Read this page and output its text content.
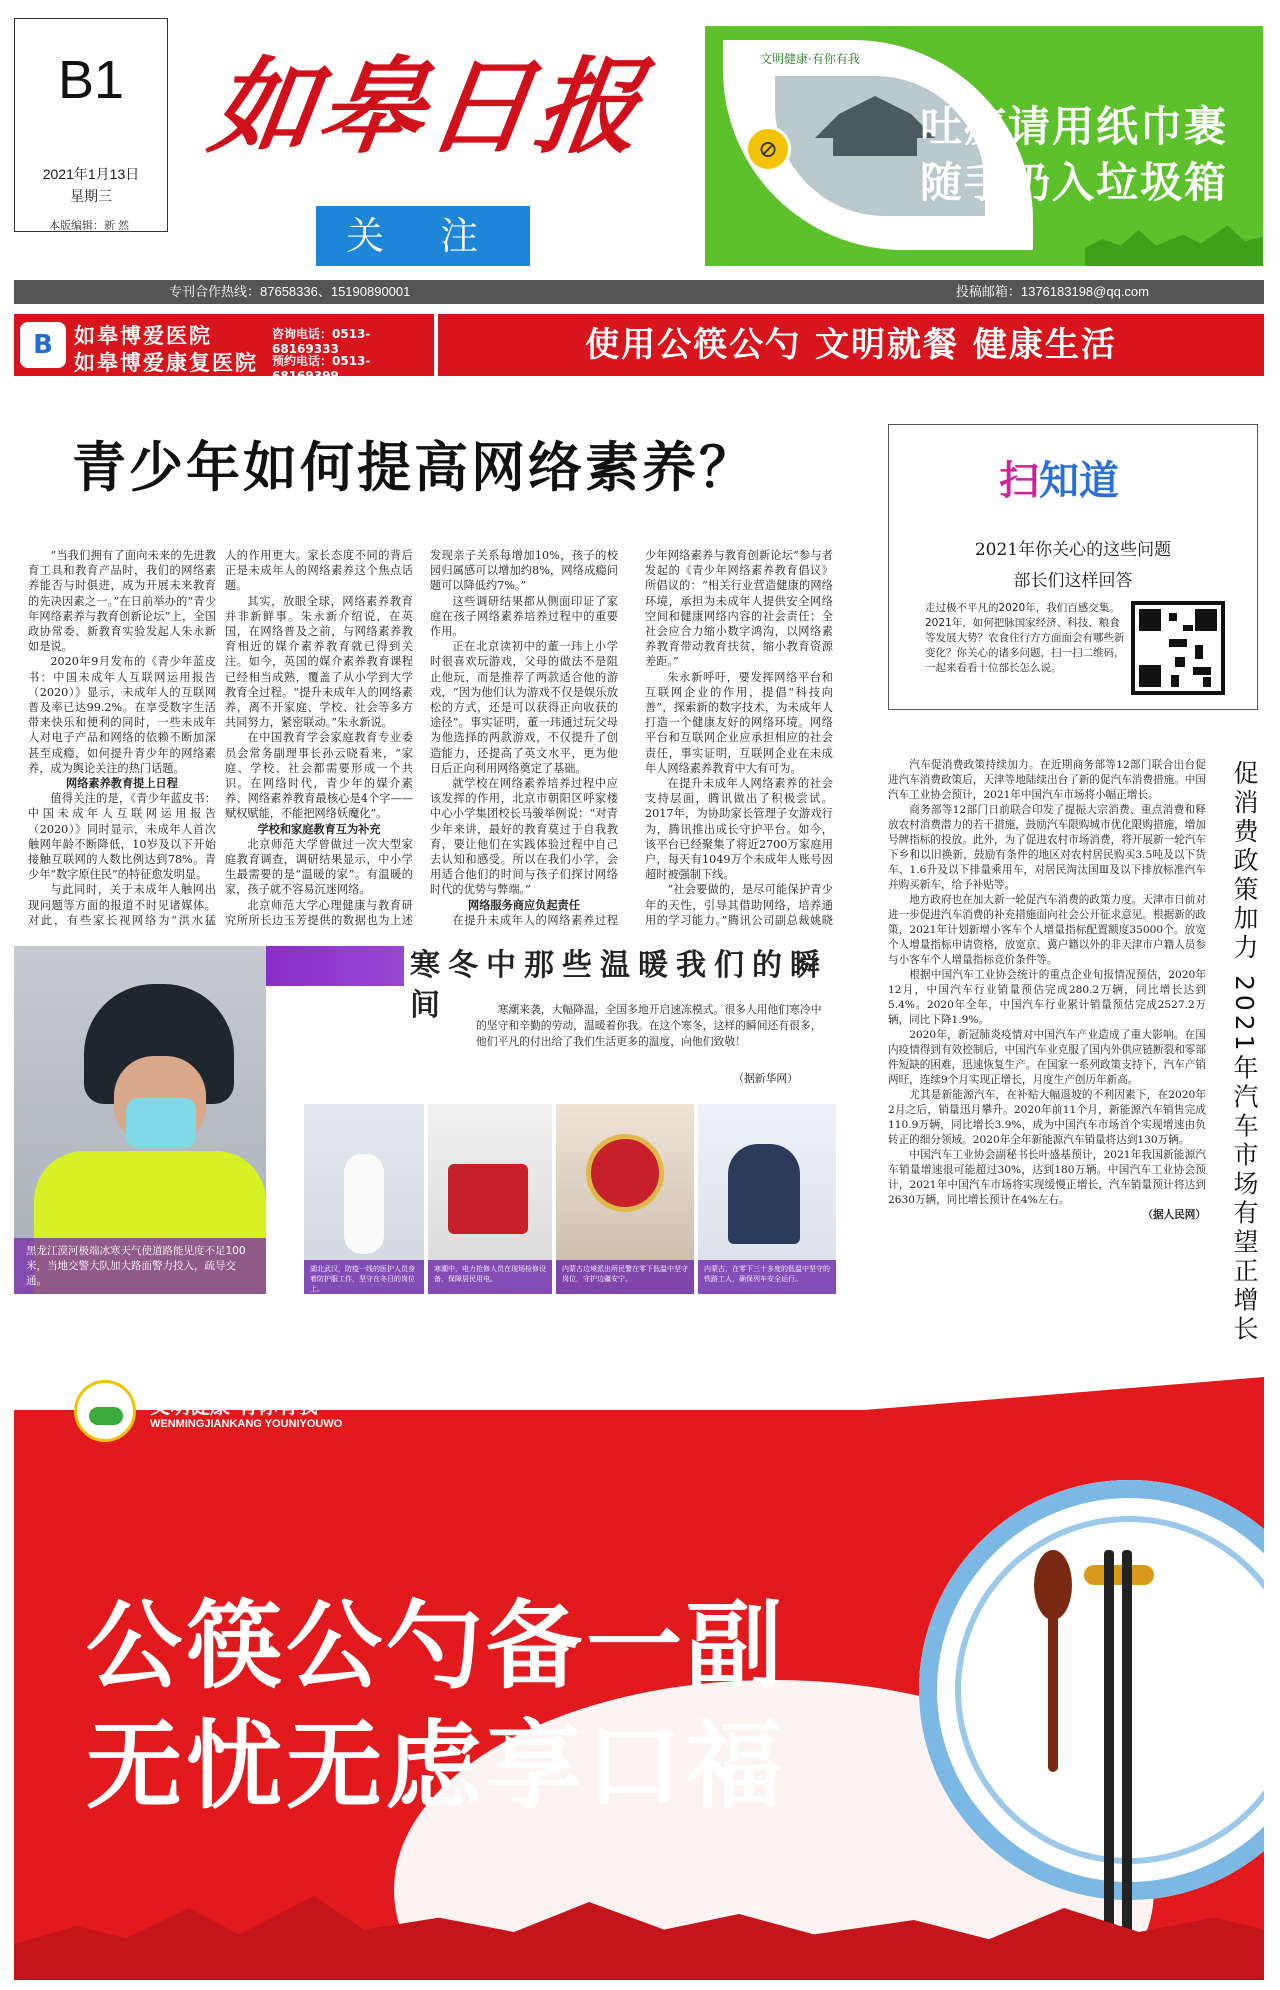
B1
2021年1月13日
星期三
本版编辑：新 然
如皋日报
关 注
文明健康·有你有我
⊘	吐痰请用纸巾裹
随手扔入垃圾箱
专刊合作热线：87658336、15190890001	投稿邮箱：1376183198@qq.com
B	如皋博爱医院	咨询电话：0513-68169333
如皋博爱康复医院 预约电话：0513-68169399
使用公筷公勺 文明就餐 健康生活
青少年如何提高网络素养？	扫知道
2021年你关心的这些问题
部长们这样回答
走过极不平凡的2020年，我们百感交集。2021年，如何把脉国家经济、科技、粮食等发展大势？农食住行方方面面会有哪些新变化？你关心的诸多问题，扫一扫二维码，一起来看看十位部长怎么说。

“当我们拥有了面向未来的先进教育工具和教育产品时，我们的网络素养能否与时俱进，成为开展未来教育的先决因素之一。”在日前举办的“青少年网络素养与教育创新论坛”上，全国政协常委、新教育实验发起人朱永新如是说。

2020年9月发布的《青少年蓝皮书：中国未成年人互联网运用报告（2020）》显示，未成年人的互联网普及率已达99.2%。在享受数字生活带来快乐和便利的同时，一些未成年人对电子产品和网络的依赖不断加深甚至成瘾，如何提升青少年的网络素养，成为舆论关注的热门话题。

网络素养教育提上日程

值得关注的是，《青少年蓝皮书：中国未成年人互联网运用报告（2020）》同时显示，未成年人首次触网年龄不断降低，10岁及以下开始接触互联网的人数比例达到78%。青少年“数字原住民”的特征愈发明显。

与此同时，关于未成年人触网出现问题等方面的报道不时见诸媒体。对此，有些家长视网络为“洪水猛

人的作用更大。家长态度不同的背后正是未成年人的网络素养这个焦点话题。

其实，放眼全球，网络素养教育并非新鲜事。朱永新介绍说，在英国，在网络普及之前，与网络素养教育相近的媒介素养教育就已得到关注。如今，英国的媒介素养教育课程已经相当成熟，覆盖了从小学到大学教育全过程。“提升未成年人的网络素养，离不开家庭、学校、社会等多方共同努力，紧密联动。”朱永新说。

在中国教育学会家庭教育专业委员会常务副理事长孙云晓看来，“家庭、学校、社会都需要形成一个共识。在网络时代，青少年的媒介素养、网络素养教育最核心是4个字——赋权赋能，不能把网络妖魔化”。

学校和家庭教育互为补充

北京师范大学曾做过一次大型家庭教育调查，调研结果显示，中小学生最需要的是“温暖的家”。有温暖的家，孩子就不容易沉迷网络。

北京师范大学心理健康与教育研究所所长边玉芳提供的数据也为上述

发现亲子关系每增加10%，孩子的校园归属感可以增加约8%，网络成瘾问题可以降低约7%。”

这些调研结果都从侧面印证了家庭在孩子网络素养培养过程中的重要作用。

正在北京读初中的董一玮上小学时很喜欢玩游戏，父母的做法不是阻止他玩，而是推荐了两款适合他的游戏，“因为他们认为游戏不仅是娱乐放松的方式，还是可以获得正向收获的途径”。事实证明，董一玮通过玩父母为他选择的两款游戏，不仅提升了创造能力，还提高了英文水平，更为他日后正向利用网络奠定了基础。

就学校在网络素养培养过程中应该发挥的作用，北京市朝阳区呼家楼中心小学集团校长马骏举例说：“对青少年来讲，最好的教育莫过于自我教育，要让他们在实践体验过程中自己去认知和感受。所以在我们小学，会用适合他们的时间与孩子们探讨网络时代的优势与弊端。”

网络服务商应负起责任

在提升未成年人的网络素养过程

少年网络素养与教育创新论坛”参与者发起的《青少年网络素养教育倡议》所倡议的：“相关行业营造健康的网络环境，承担为未成年人提供安全网络空间和健康网络内容的社会责任；全社会应合力缩小数字鸿沟，以网络素养教育带动教育扶贫，缩小教育资源差距。”

朱永新呼吁，要发挥网络平台和互联网企业的作用，提倡“科技向善”，探索新的数字技术，为未成年人打造一个健康友好的网络环境。网络平台和互联网企业应承担相应的社会责任，事实证明，互联网企业在未成年人网络素养教育中大有可为。

在提升未成年人网络素养的社会支持层面，腾讯做出了积极尝试。2017年，为协助家长管理子女游戏行为，腾讯推出成长守护平台。如今，该平台已经聚集了将近2700万家庭用户，每天有1049万个未成年人账号因超时被强制下线。

“社会要做的，是尽可能保护青少年的天性，引导其借助网络，培养通用的学习能力。”腾讯公司副总裁姚晓

黑龙江漠河极端冰寒天气使道路能见度不足100米，当地交警大队加大路面警力投入，疏导交通。
寒冬中那些温暖我们的瞬间	寒潮来袭，大幅降温，全国多地开启速冻模式。很多人用他们寒冷中的坚守和辛勤的劳动，温暖着你我。在这个寒冬，这样的瞬间还有很多，他们平凡的付出给了我们生活更多的温度，向他们致敬！
（据新华网）
湖北武汉，防疫一线的医护人员身着防护服工作，坚守在冬日的岗位上。
寒潮中，电力抢修人员在现场检修设备，保障居民用电。
内蒙古边境派出所民警在零下低温中坚守岗位，守护边疆安宁。
内蒙古，在零下三十多度的低温中坚守的铁路工人，确保列车安全运行。

汽车促消费政策持续加力。在近期商务部等12部门联合出台促进汽车消费政策后，天津等地陆续出台了新的促汽车消费措施。中国汽车工业协会预计，2021年中国汽车市场将小幅正增长。

商务部等12部门日前联合印发了提振大宗消费、重点消费和释放农村消费潜力的若干措施，鼓励汽车限购城市优化限购措施，增加号牌指标的投放。此外，为了促进农村市场消费，将开展新一轮汽车下乡和以旧换新，鼓励有条件的地区对农村居民购买3.5吨及以下货车、1.6升及以下排量乘用车，对居民淘汰国Ⅲ及以下排放标准汽车并购买新车，给予补贴等。

地方政府也在加大新一轮促汽车消费的政策力度。天津市日前对进一步促进汽车消费的补充措施面向社会公开征求意见。根据新的政策，2021年计划新增小客车个人增量指标配置额度35000个。放宽个人增量指标申请资格，放宽京、冀户籍以外的非天津市户籍人员参与小客车个人增量指标竞价条件等。

根据中国汽车工业协会统计的重点企业旬报情况预估，2020年12月，中国汽车行业销量预估完成280.2万辆，同比增长达到5.4%。2020年全年，中国汽车行业累计销量预估完成2527.2万辆，同比下降1.9%。

2020年，新冠肺炎疫情对中国汽车产业造成了重大影响。在国内疫情得到有效控制后，中国汽车业克服了国内外供应链断裂和零部件短缺的困难，迅速恢复生产。在国家一系列政策支持下，汽车产销两旺，连续9个月实现正增长，月度生产创历年新高。

尤其是新能源汽车，在补贴大幅退坡的不利因素下，在2020年2月之后，销量迅月攀升。2020年前11个月，新能源汽车销售完成110.9万辆，同比增长3.9%，成为中国汽车市场首个实现增速由负转正的细分领域。2020年全年新能源汽车销量将达到130万辆。

中国汽车工业协会副秘书长叶盛基预计，2021年我国新能源汽车销量增速很可能超过30%，达到180万辆。中国汽车工业协会预计，2021年中国汽车市场将实现缓慢正增长，汽车销量预计将达到2630万辆，同比增长预计在4%左右。

（据人民网） 促消费政策加力 2021年汽车市场有望正增长
文明健康·有你有我
WENMINGJIANKANG YOUNIYOUWO
公筷公勺备一副
无忧无虑享口福
